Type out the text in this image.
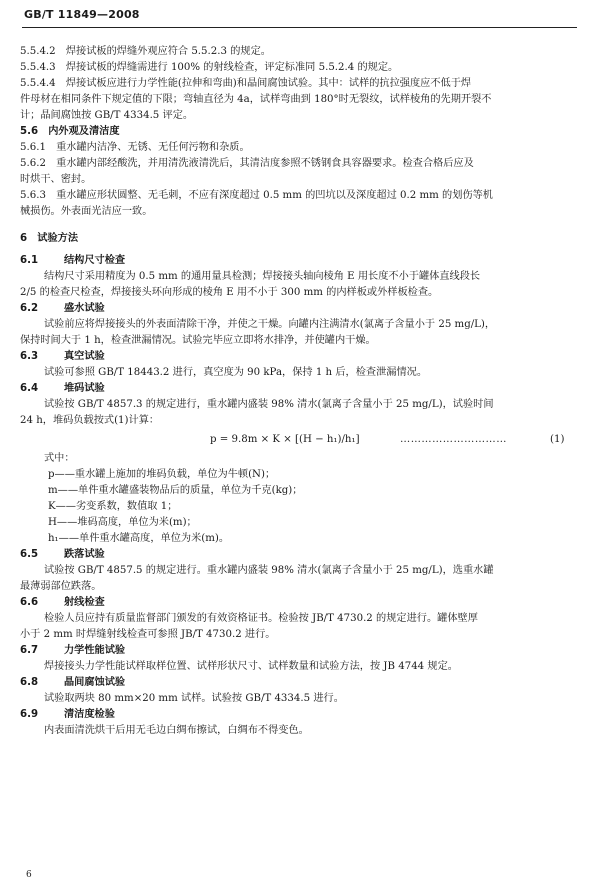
GB/T 11849—2008
5.5.4.2　焊接试板的焊缝外观应符合 5.5.2.3 的规定。
5.5.4.3　焊接试板的焊缝需进行 100% 的射线检查，评定标准同 5.5.2.4 的规定。
5.5.4.4　焊接试板应进行力学性能(拉伸和弯曲)和晶间腐蚀试验。其中：试样的抗拉强度应不低于焊
件母材在相同条件下规定值的下限；弯轴直径为 4a，试样弯曲到 180°时无裂纹，试样棱角的先期开裂不
计；晶间腐蚀按 GB/T 4334.5 评定。
5.6　内外观及清洁度
5.6.1　重水罐内洁净、无锈、无任何污物和杂质。
5.6.2　重水罐内部经酸洗，并用清洗液清洗后，其清洁度参照不锈钢食具容器要求。检查合格后应及
时烘干、密封。
5.6.3　重水罐应形状圆整、无毛刺，不应有深度超过 0.5 mm 的凹坑以及深度超过 0.2 mm 的划伤等机
械损伤。外表面光洁应一致。
6　试验方法
6.1	结构尺寸检查
结构尺寸采用精度为 0.5 mm 的通用量具检测；焊接接头轴向棱角 E 用长度不小于罐体直线段长
2/5 的检查尺检查，焊接接头环向形成的棱角 E 用不小于 300 mm 的内样板或外样板检查。
6.2	盛水试验
试验前应将焊接接头的外表面清除干净，并使之干燥。向罐内注满清水(氯离子含量小于 25 mg/L)，
保持时间大于 1 h，检查泄漏情况。试验完毕应立即将水排净，并使罐内干燥。
6.3	真空试验
试验可参照 GB/T 18443.2 进行，真空度为 90 kPa，保持 1 h 后，检查泄漏情况。
6.4	堆码试验
试验按 GB/T 4857.3 的规定进行，重水罐内盛装 98% 清水(氯离子含量小于 25 mg/L)，试验时间
24 h，堆码负载按式(1)计算：
p = 9.8m × K × [(H − h₁)/h₁]	…………………………	(1)
式中：
p——重水罐上施加的堆码负载，单位为牛顿(N)；
m——单件重水罐盛装物品后的质量，单位为千克(kg)；
K——劣变系数，数值取 1；
H——堆码高度，单位为米(m)；
h₁——单件重水罐高度，单位为米(m)。
6.5	跌落试验
试验按 GB/T 4857.5 的规定进行。重水罐内盛装 98% 清水(氯离子含量小于 25 mg/L)，选重水罐
最薄弱部位跌落。
6.6	射线检查
检验人员应持有质量监督部门颁发的有效资格证书。检验按 JB/T 4730.2 的规定进行。罐体壁厚
小于 2 mm 时焊缝射线检查可参照 JB/T 4730.2 进行。
6.7	力学性能试验
焊接接头力学性能试样取样位置、试样形状尺寸、试样数量和试验方法，按 JB 4744 规定。
6.8	晶间腐蚀试验
试验取两块 80 mm×20 mm 试样。试验按 GB/T 4334.5 进行。
6.9	清洁度检验
内表面清洗烘干后用无毛边白绸布擦试，白绸布不得变色。
6
